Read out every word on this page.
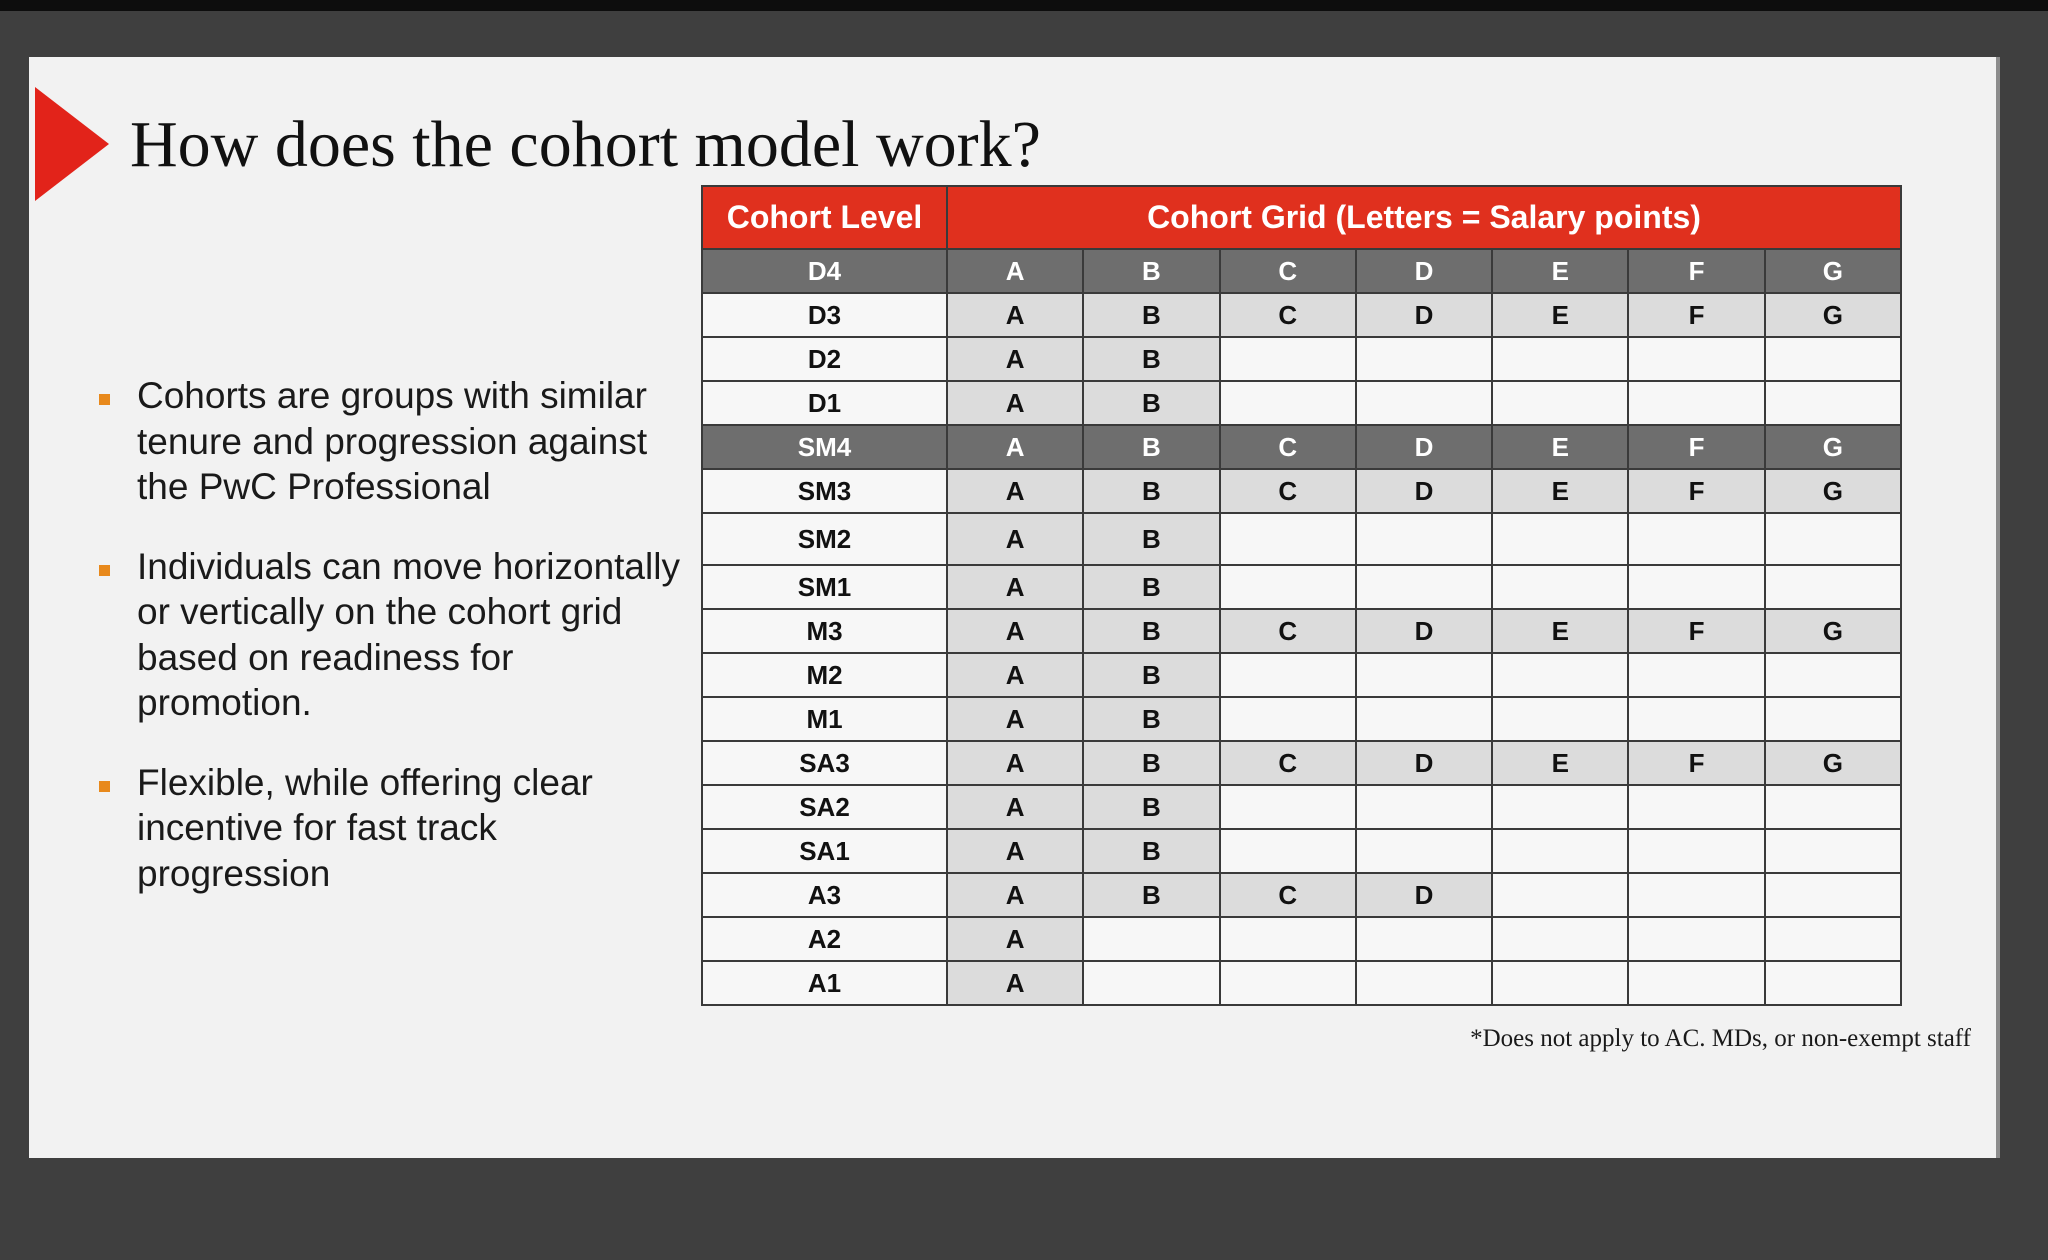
How does the cohort model work?
Cohorts are groups with similar tenure and progression against the PwC Professional
Individuals can move horizontally or vertically on the cohort grid based on readiness for promotion.
Flexible, while offering clear incentive for fast track progression
Cohort Level	Cohort Grid (Letters = Salary points)						
D4	A	B	C	D	E	F	G
D3	A	B	C	D	E	F	G
D2	A	B					
D1	A	B					
SM4	A	B	C	D	E	F	G
SM3	A	B	C	D	E	F	G
SM2	A	B					
SM1	A	B					
M3	A	B	C	D	E	F	G
M2	A	B					
M1	A	B					
SA3	A	B	C	D	E	F	G
SA2	A	B					
SA1	A	B					
A3	A	B	C	D			
A2	A						
A1	A						

*Does not apply to AC. MDs, or non-exempt staff
